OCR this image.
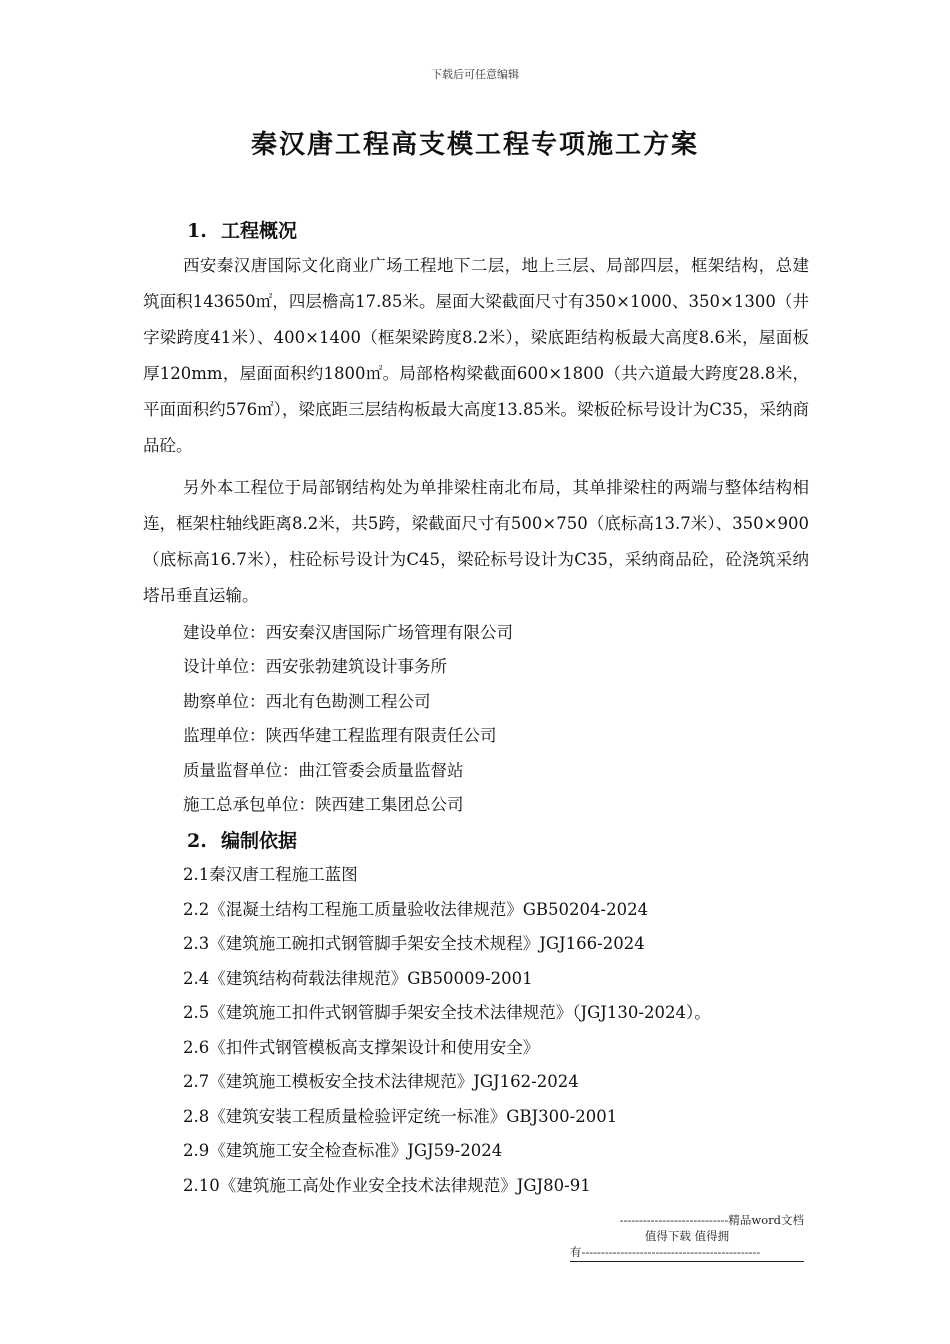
下载后可任意编辑
秦汉唐工程高支模工程专项施工方案
1. 工程概况
西安秦汉唐国际文化商业广场工程地下二层，地上三层、局部四层，框架结构，总建筑面积143650㎡，四层檐高17.85米。屋面大梁截面尺寸有350×1000、350×1300（井字梁跨度41米）、400×1400（框架梁跨度8.2米），梁底距结构板最大高度8.6米，屋面板厚120mm，屋面面积约1800㎡。局部格构梁截面600×1800（共六道最大跨度28.8米，平面面积约576㎡），梁底距三层结构板最大高度13.85米。梁板砼标号设计为C35，采纳商品砼。
另外本工程位于局部钢结构处为单排梁柱南北布局，其单排梁柱的两端与整体结构相连，框架柱轴线距离8.2米，共5跨，梁截面尺寸有500×750（底标高13.7米）、350×900（底标高16.7米），柱砼标号设计为C45，梁砼标号设计为C35，采纳商品砼，砼浇筑采纳塔吊垂直运输。
建设单位：西安秦汉唐国际广场管理有限公司
设计单位：西安张勃建筑设计事务所
勘察单位：西北有色勘测工程公司
监理单位：陕西华建工程监理有限责任公司
质量监督单位：曲江管委会质量监督站
施工总承包单位：陕西建工集团总公司
2. 编制依据
2.1秦汉唐工程施工蓝图
2.2《混凝土结构工程施工质量验收法律规范》GB50204-2024
2.3《建筑施工碗扣式钢管脚手架安全技术规程》JGJ166-2024
2.4《建筑结构荷载法律规范》GB50009-2001
2.5《建筑施工扣件式钢管脚手架安全技术法律规范》（JGJ130-2024）。
2.6《扣件式钢管模板高支撑架设计和使用安全》
2.7《建筑施工模板安全技术法律规范》JGJ162-2024
2.8《建筑安装工程质量检验评定统一标准》GBJ300-2001
2.9《建筑施工安全检查标准》JGJ59-2024
2.10《建筑施工高处作业安全技术法律规范》JGJ80-91
----------------------------精品word文档
值得下载 值得拥
有----------------------------------------------
